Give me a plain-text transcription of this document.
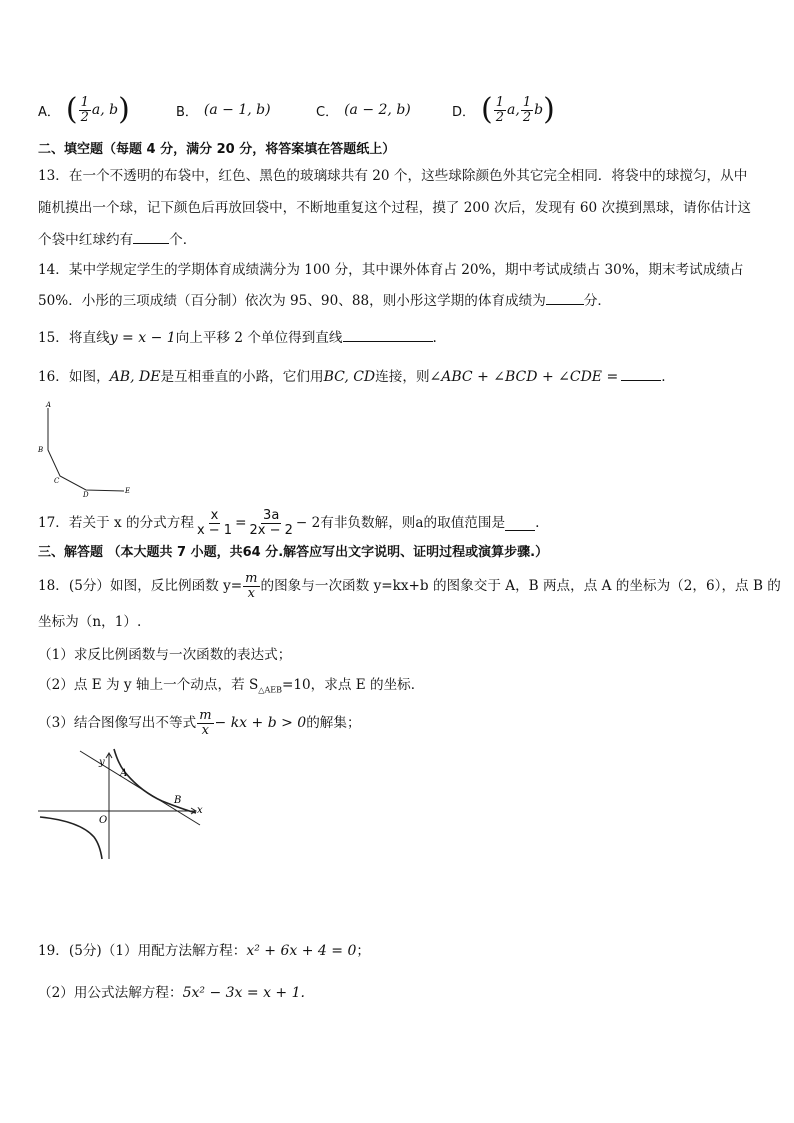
A． ( $\frac{1}{2} a$, b )	B． (a − 1, b)	C． (a − 2, b)	D． ( $\frac{1}{2} a$, $\frac{1}{2}$ b )
二、填空题（每题 4 分，满分 20 分，将答案填在答题纸上）
13．在一个不透明的布袋中，红色、黑色的玻璃球共有 20 个，这些球除颜色外其它完全相同．将袋中的球搅匀，从中
随机摸出一个球，记下颜色后再放回袋中，不断地重复这个过程，摸了 200 次后，发现有 60 次摸到黑球，请你估计这
个袋中红球约有	个．
14．某中学规定学生的学期体育成绩满分为 100 分，其中课外体育占 20%，期中考试成绩占 30%，期末考试成绩占
50%．小彤的三项成绩（百分制）依次为 95、90、88，则小彤这学期的体育成绩为	分．
15．将直线y = x − 1向上平移 2 个单位得到直线	.
16．如图，AB, DE是互相垂直的小路，它们用BC, CD连接，则∠ABC + ∠BCD + ∠CDE =	.
A
B
C
D	E
17．若关于 x 的分式方程 $\frac{x}{x - 1} = \frac{3a}{2x - 2} - 2$ 有非负数解，则a的取值范围是 .
三、解答题 （本大题共 7 小题，共64 分.解答应写出文字说明、证明过程或演算步骤.）
18．(5分）如图，反比例函数 $y= \frac{m}{x}$ 的图象与一次函数 y=kx+b 的图象交于 A，B 两点，点 A 的坐标为（2，6），点 B 的
坐标为（n，1）.
（1）求反比例函数与一次函数的表达式；
（2）点 E 为 y 轴上一个动点，若 $S_{\triangle AEB}=10$，求点 E 的坐标．
（3）结合图像写出不等式 $\frac{m}{x}$ − kx + b > 0 的解集；
y
x
O
A
B
19．(5分)（1）用配方法解方程：x² + 6x + 4 = 0；
（2）用公式法解方程：5x² − 3x = x + 1.
